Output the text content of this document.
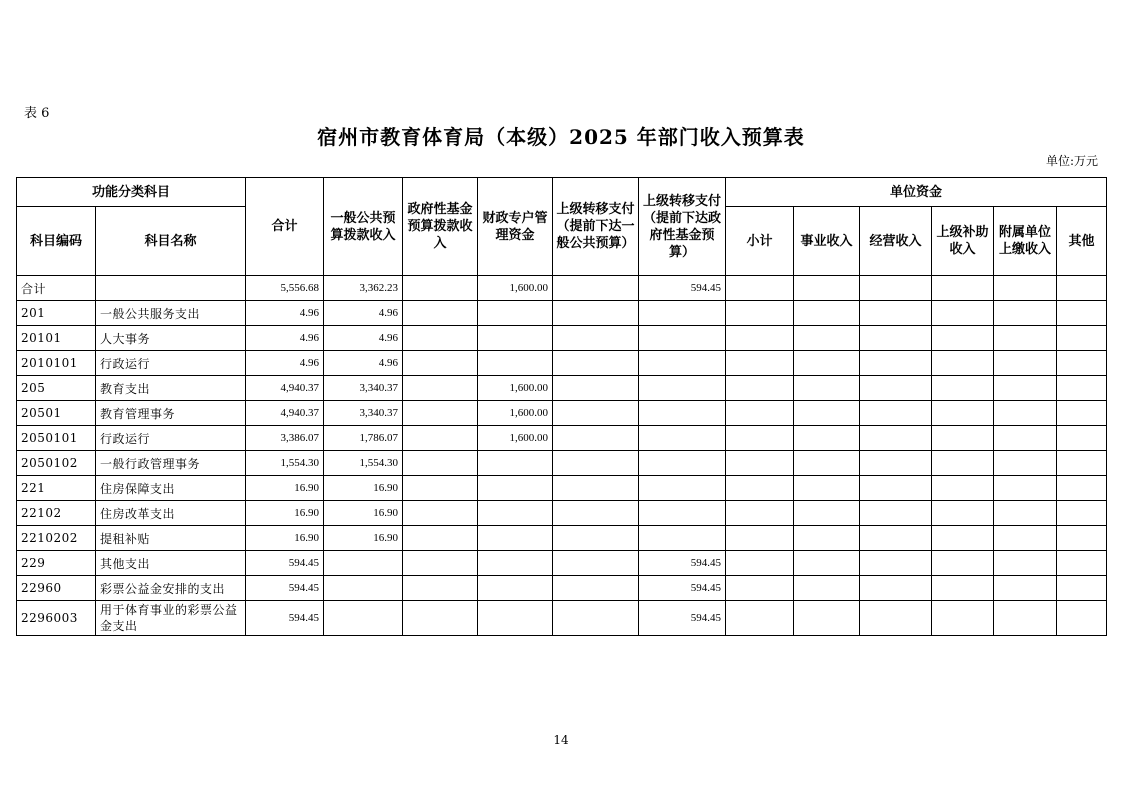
表 6
宿州市教育体育局（本级）2025 年部门收入预算表
单位:万元
功能分类科目		合计	一般公共预算拨款收入	政府性基金预算拨款收入	财政专户管理资金	上级转移支付（提前下达一般公共预算）	上级转移支付（提前下达政府性基金预算）	单位资金					
科目编码	科目名称							小计	事业收入	经营收入	上级补助收入	附属单位上缴收入	其他
合计		5,556.68	3,362.23		1,600.00		594.45						
201	一般公共服务支出	4.96	4.96										
20101	人大事务	4.96	4.96										
2010101	行政运行	4.96	4.96										
205	教育支出	4,940.37	3,340.37		1,600.00								
20501	教育管理事务	4,940.37	3,340.37		1,600.00								
2050101	行政运行	3,386.07	1,786.07		1,600.00								
2050102	一般行政管理事务	1,554.30	1,554.30										
221	住房保障支出	16.90	16.90										
22102	住房改革支出	16.90	16.90										
2210202	提租补贴	16.90	16.90										
229	其他支出	594.45					594.45						
22960	彩票公益金安排的支出	594.45					594.45						
2296003	用于体育事业的彩票公益金支出	594.45					594.45						
14
